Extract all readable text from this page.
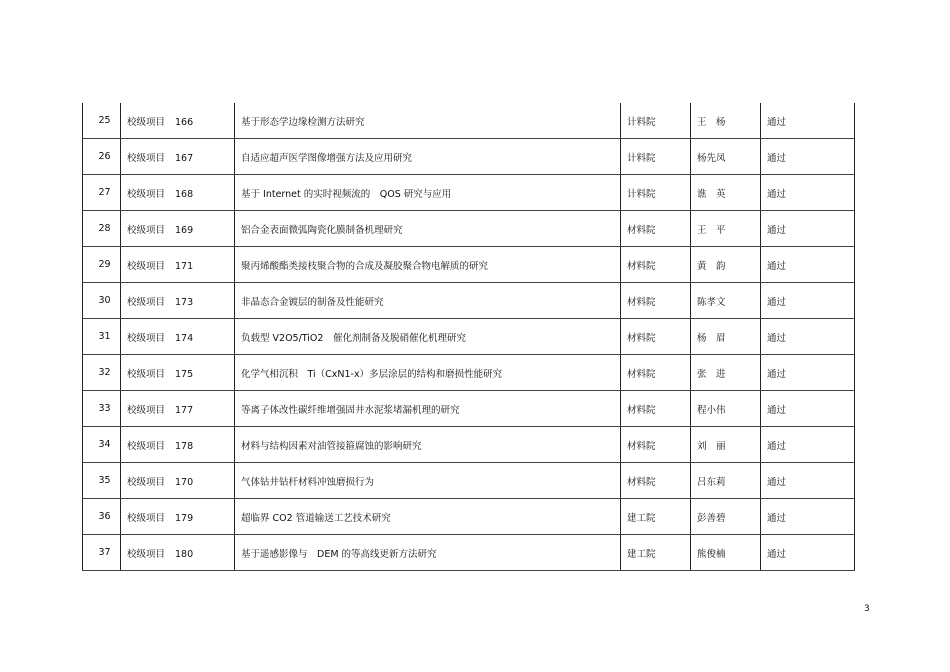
25	校级项目 166	基于形态学边缘检测方法研究	计料院	王　杨	通过
26	校级项目 167	自适应超声医学图像增强方法及应用研究	计料院	杨先凤	通过
27	校级项目 168	基于 Internet 的实时视频流的　QOS 研究与应用	计料院	谯　英	通过
28	校级项目 169	铝合金表面微弧陶瓷化膜制备机理研究	材料院	王　平	通过
29	校级项目 171	聚丙烯酸酯类接枝聚合物的合成及凝胶聚合物电解质的研究	材料院	黄　韵	通过
30	校级项目 173	非晶态合金镀层的制备及性能研究	材料院	陈孝文	通过
31	校级项目 174	负载型 V2O5/TiO2　催化剂制备及脱硝催化机理研究	材料院	杨　眉	通过
32	校级项目 175	化学气相沉积　Ti（CxN1-x）多层涂层的结构和磨损性能研究	材料院	张　进	通过
33	校级项目 177	等离子体改性碳纤维增强固井水泥浆堵漏机理的研究	材料院	程小伟	通过
34	校级项目 178	材料与结构因素对油管接箍腐蚀的影响研究	材料院	刘　丽	通过
35	校级项目 170	气体钻井钻杆材料冲蚀磨损行为	材料院	吕东莉	通过
36	校级项目 179	超临界 CO2 管道输送工艺技术研究	建工院	彭善碧	通过
37	校级项目 180	基于遥感影像与　DEM 的等高线更新方法研究	建工院	熊俊楠	通过
3
